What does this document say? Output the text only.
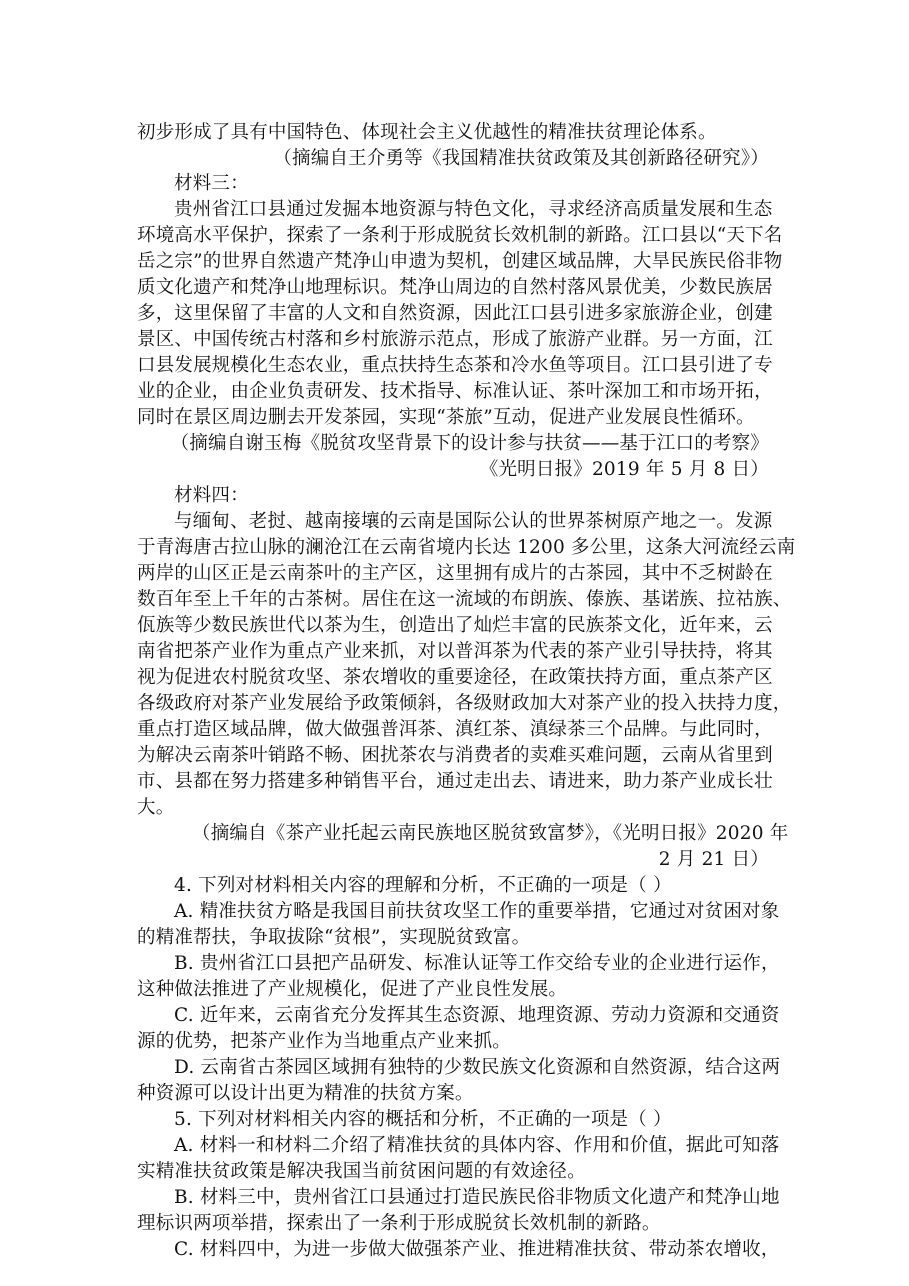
初步形成了具有中国特色、体现社会主义优越性的精准扶贫理论体系。
（摘编自王介勇等《我国精准扶贫政策及其创新路径研究》）
材料三：
贵州省江口县通过发掘本地资源与特色文化，寻求经济高质量发展和生态
环境高水平保护，探索了一条利于形成脱贫长效机制的新路。江口县以“天下名
岳之宗”的世界自然遗产梵净山申遗为契机，创建区域品牌，大旱民族民俗非物
质文化遗产和梵净山地理标识。梵净山周边的自然村落风景优美，少数民族居
多，这里保留了丰富的人文和自然资源，因此江口县引进多家旅游企业，创建
景区、中国传统古村落和乡村旅游示范点，形成了旅游产业群。另一方面，江
口县发展规模化生态农业，重点扶持生态茶和冷水鱼等项目。江口县引进了专
业的企业，由企业负责研发、技术指导、标准认证、茶叶深加工和市场开拓，
同时在景区周边删去开发茶园，实现“茶旅”互动，促进产业发展良性循环。
（摘编自谢玉梅《脱贫攻坚背景下的设计参与扶贫——基于江口的考察》
《光明日报》2019 年 5 月 8 日）
材料四：
与缅甸、老挝、越南接壤的云南是国际公认的世界茶树原产地之一。发源
于青海唐古拉山脉的澜沧江在云南省境内长达 1200 多公里，这条大河流经云南
两岸的山区正是云南茶叶的主产区，这里拥有成片的古茶园，其中不乏树龄在
数百年至上千年的古茶树。居住在这一流域的布朗族、傣族、基诺族、拉祜族、
佤族等少数民族世代以茶为生，创造出了灿烂丰富的民族茶文化，近年来，云
南省把茶产业作为重点产业来抓，对以普洱茶为代表的茶产业引导扶持，将其
视为促进农村脱贫攻坚、茶农增收的重要途径，在政策扶持方面，重点茶产区
各级政府对茶产业发展给予政策倾斜，各级财政加大对茶产业的投入扶持力度，
重点打造区域品牌，做大做强普洱茶、滇红茶、滇绿茶三个品牌。与此同时，
为解决云南茶叶销路不畅、困扰茶农与消费者的卖难买难问题，云南从省里到
市、县都在努力搭建多种销售平台，通过走出去、请进来，助力茶产业成长壮
大。
（摘编自《茶产业托起云南民族地区脱贫致富梦》，《光明日报》2020 年
2 月 21 日）
4. 下列对材料相关内容的理解和分析，不正确的一项是（ ）
A. 精准扶贫方略是我国目前扶贫攻坚工作的重要举措，它通过对贫困对象
的精准帮扶，争取拔除“贫根”，实现脱贫致富。
B. 贵州省江口县把产品研发、标准认证等工作交给专业的企业进行运作，
这种做法推进了产业规模化，促进了产业良性发展。
C. 近年来，云南省充分发挥其生态资源、地理资源、劳动力资源和交通资
源的优势，把茶产业作为当地重点产业来抓。
D. 云南省古茶园区域拥有独特的少数民族文化资源和自然资源，结合这两
种资源可以设计出更为精准的扶贫方案。
5. 下列对材料相关内容的概括和分析，不正确的一项是（ ）
A. 材料一和材料二介绍了精准扶贫的具体内容、作用和价值，据此可知落
实精准扶贫政策是解决我国当前贫困问题的有效途径。
B. 材料三中，贵州省江口县通过打造民族民俗非物质文化遗产和梵净山地
理标识两项举措，探索出了一条利于形成脱贫长效机制的新路。
C. 材料四中，为进一步做大做强茶产业、推进精准扶贫、带动茶农增收，
